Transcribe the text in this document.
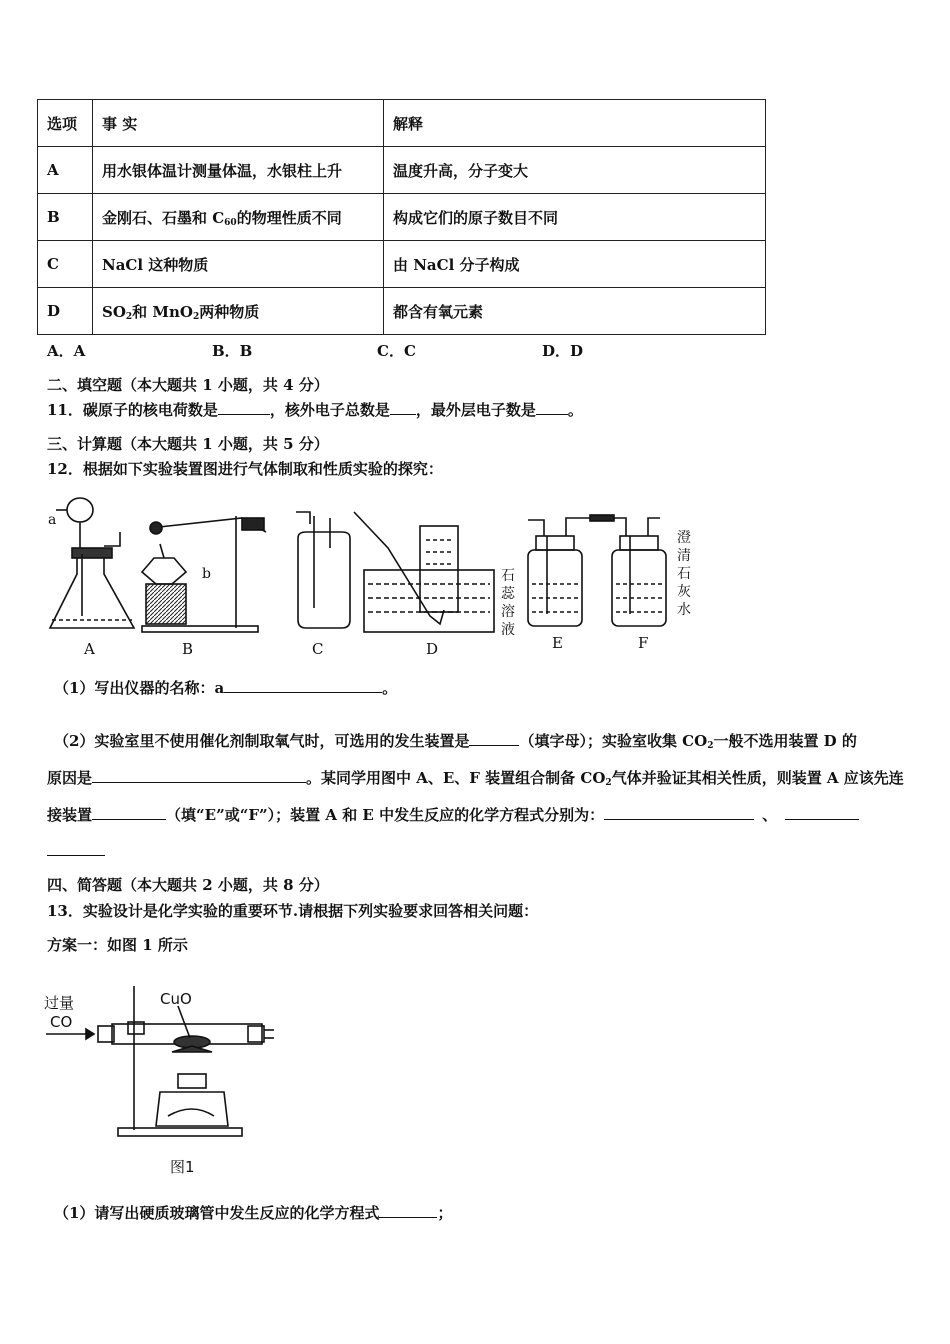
选项	事 实	解释
A	用水银体温计测量体温，水银柱上升	温度升高，分子变大
B	金刚石、石墨和 $C_{60}$的物理性质不同	构成它们的原子数目不同
C	NaCl 这种物质	由 NaCl 分子构成
D	$SO_2$和 MnO$_2$两种物质	都含有氧元素
A．A	B．B	C．C	D．D
二、填空题（本大题共 1 小题，共 4 分）
11．碳原子的核电荷数是	，核外电子总数是 ，最外层电子数是 。
三、计算题（本大题共 1 小题，共 5 分）
12．根据如下实验装置图进行气体制取和性质实验的探究：
a
A
b
B	C	D
石
蕊
溶
液
澄
清
石
灰
水
E	F
（1）写出仪器的名称：a	。
（2）实验室里不使用催化剂制取氧气时，可选用的发生装置是	（填字母）；实验室收集 $CO_2$一般不选用装置 D 的
原因是	。某同学用图中 A、E、F 装置组合制备 $CO_2$气体并验证其相关性质，则装置 A 应该先连
接装置	（填“E”或“F”）；装置 A 和 E 中发生反应的化学方程式分别为：	、
四、简答题（本大题共 2 小题，共 8 分）
13．实验设计是化学实验的重要环节.请根据下列实验要求回答相关问题：
方案一：如图 1 所示
过量
CO
CuO
图1
（1）请写出硬质玻璃管中发生反应的化学方程式	；
